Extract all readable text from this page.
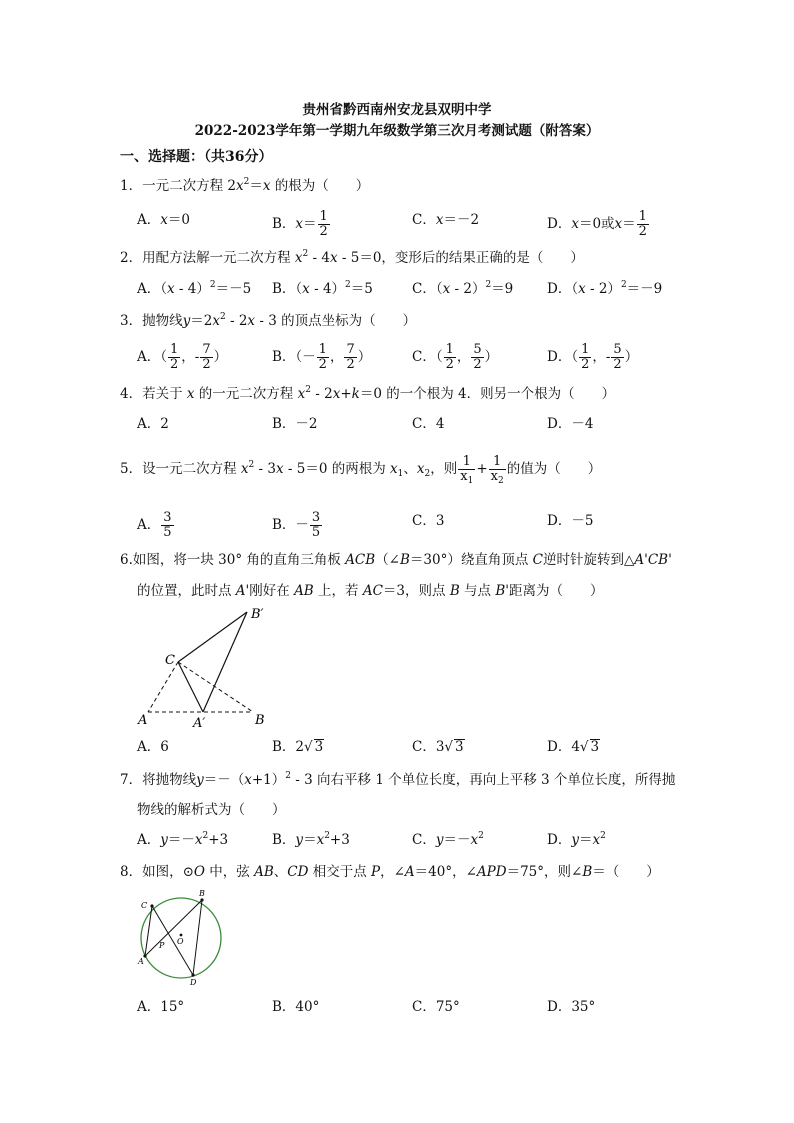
贵州省黔西南州安龙县双明中学
2022-2023学年第一学期九年级数学第三次月考测试题（附答案）
一、选择题：（共36分）
1．一元二次方程 $2x^2=x$ 的根为（　　）
A．x＝0	B．$x= \frac{1}{2}$	C．x＝－2	D．x＝0或$x= \frac{1}{2}$
2．用配方法解一元二次方程 $x^2 - 4x - 5=0$，变形后的结果正确的是（　　）
A．（x - 4）$^2$＝－5 B．（x - 4）$^2$＝5	C．（x - 2）$^2$＝9 D．（x - 2）$^2$＝－9
3．抛物线$y=2x^2 - 2x - 3$ 的顶点坐标为（　　）
A．（ $\frac{1}{2}$ ，- $\frac{7}{2}$ ）	B．（－ $\frac{1}{2}$ ， $\frac{7}{2}$ ）	C．（ $\frac{1}{2}$ ， $\frac{5}{2}$ ）	D．（ $\frac{1}{2}$ ，- $\frac{5}{2}$ ）
4．若关于 x 的一元二次方程 $x^2 - 2x+k=0$ 的一个根为 4．则另一个根为（　　）
A．2	B．－2	C．4	D．－4
5．设一元二次方程 $x^2 - 3x - 5=0$ 的两根为 $x_1$、$x_2$，则 $\frac{1}{x_1} + \frac{1}{x_2}$ 的值为（　　）
A． $\frac{3}{5}$	B．－ $\frac{3}{5}$	C．3	D．－5
6.如图，将一块 30° 角的直角三角板 ACB（∠B＝30°）绕直角顶点 C逆时针旋转到△A'CB'
的位置，此时点 A'刚好在 AB 上，若 AC＝3，则点 B 与点 B'距离为（　　）
B′
C
A	A′	B
A．6	B．2√ 3	C．3√ 3	D．4√ 3
7．将抛物线$y=-(x+1)^2 - 3$ 向右平移 1 个单位长度，再向上平移 3 个单位长度，所得抛
物线的解析式为（　　）
A．$y=-x^2+3$	B．$y=x^2+3$	C．$y=-x^2$	D．$y=x^2$
8．如图，⊙O 中，弦 AB、CD 相交于点 P，∠A＝40°，∠APD＝75°，则∠B＝（　　）
B
C
P O
A
D
A．15°	B．40°	C．75°	D．35°
